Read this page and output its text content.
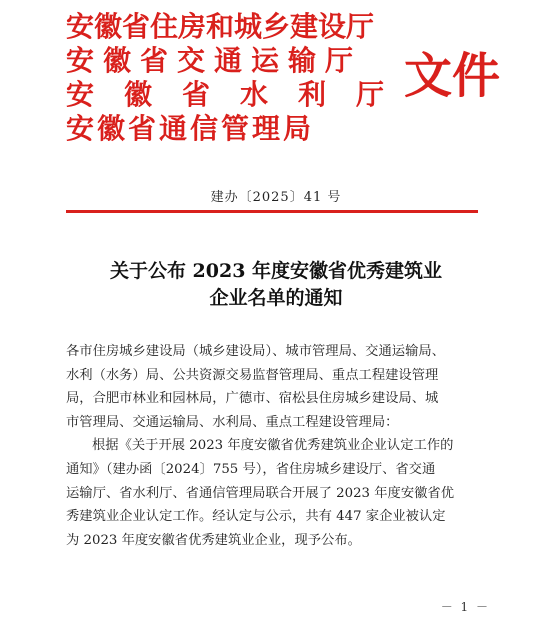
安徽省住房和城乡建设厅
安徽省交通运输厅
安徽省水利厅
安徽省通信管理局
文件
建办〔2025〕41 号
关于公布 2023 年度安徽省优秀建筑业
企业名单的通知

各市住房城乡建设局（城乡建设局）、城市管理局、交通运输局、

水利（水务）局、公共资源交易监督管理局、重点工程建设管理

局，合肥市林业和园林局，广德市、宿松县住房城乡建设局、城

市管理局、交通运输局、水利局、重点工程建设管理局：

根据《关于开展 2023 年度安徽省优秀建筑业企业认定工作的

通知》（建办函〔2024〕755 号），省住房城乡建设厅、省交通

运输厅、省水利厅、省通信管理局联合开展了 2023 年度安徽省优

秀建筑业企业认定工作。经认定与公示，共有 447 家企业被认定

为 2023 年度安徽省优秀建筑业企业，现予公布。

－ 1 －
